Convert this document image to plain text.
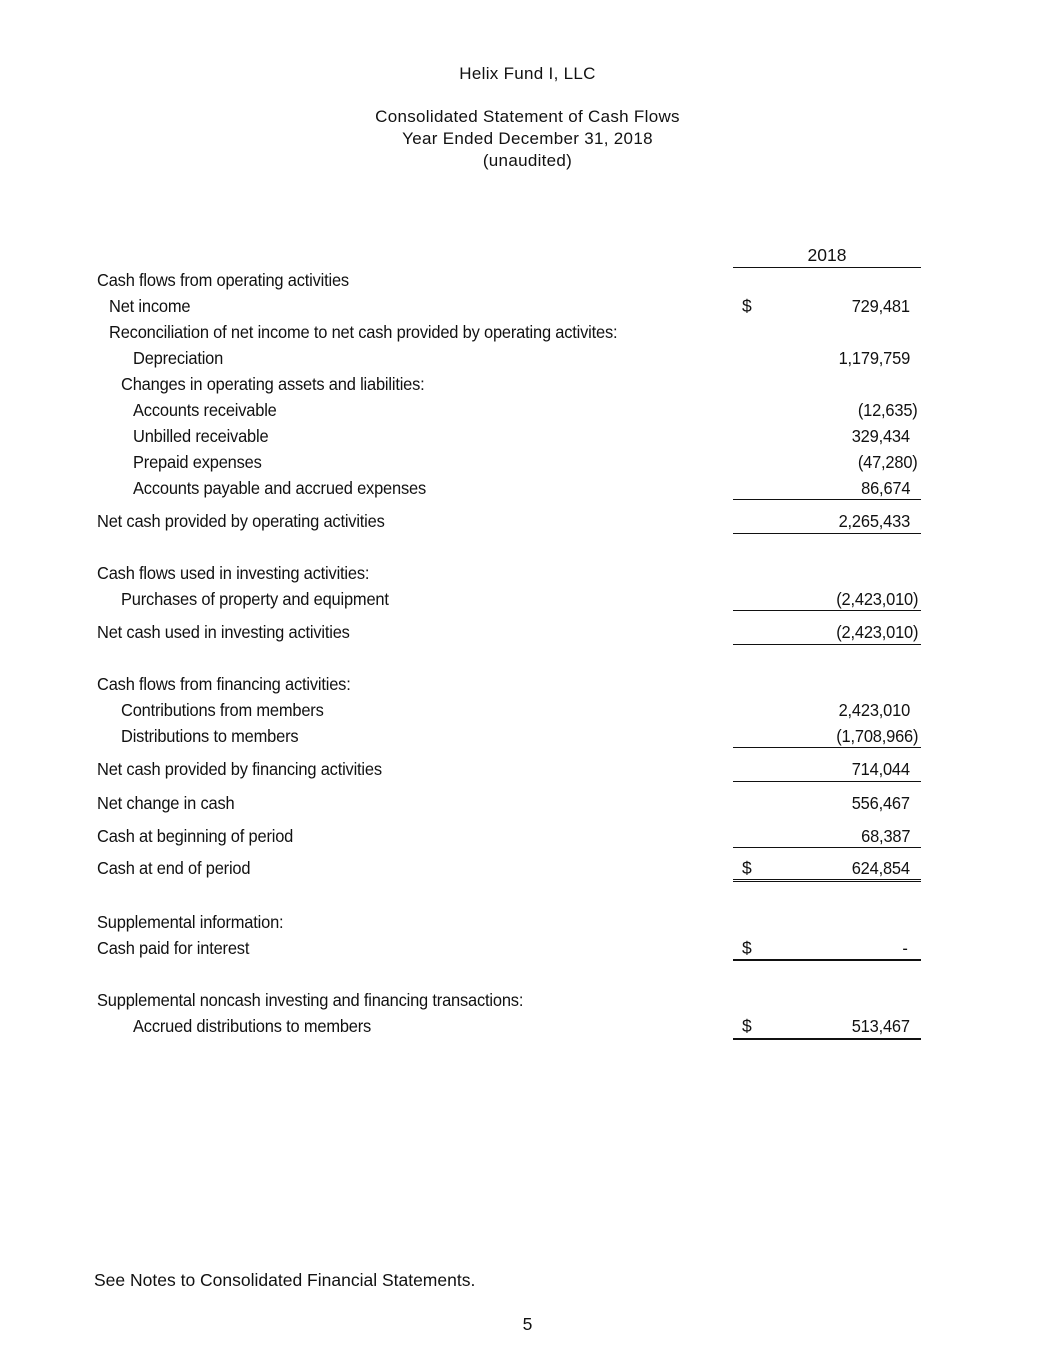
Helix Fund I, LLC
Consolidated Statement of Cash Flows
Year Ended December 31, 2018
(unaudited)
2018
Cash flows from operating activities
Net income	$	729,481
Reconciliation of net income to net cash provided by operating activites:
Depreciation	1,179,759
Changes in operating assets and liabilities:
Accounts receivable	(12,635)
Unbilled receivable	329,434
Prepaid expenses	(47,280)
Accounts payable and accrued expenses	86,674
Net cash provided by operating activities	2,265,433
Cash flows used in investing activities:
Purchases of property and equipment	(2,423,010)
Net cash used in investing activities	(2,423,010)
Cash flows from financing activities:
Contributions from members	2,423,010
Distributions to members	(1,708,966)
Net cash provided by financing activities	714,044
Net change in cash	556,467
Cash at beginning of period	68,387
Cash at end of period	$	624,854
Supplemental information:
Cash paid for interest	$	-
Supplemental noncash investing and financing transactions:
Accrued distributions to members	$	513,467
See Notes to Consolidated Financial Statements.
5
